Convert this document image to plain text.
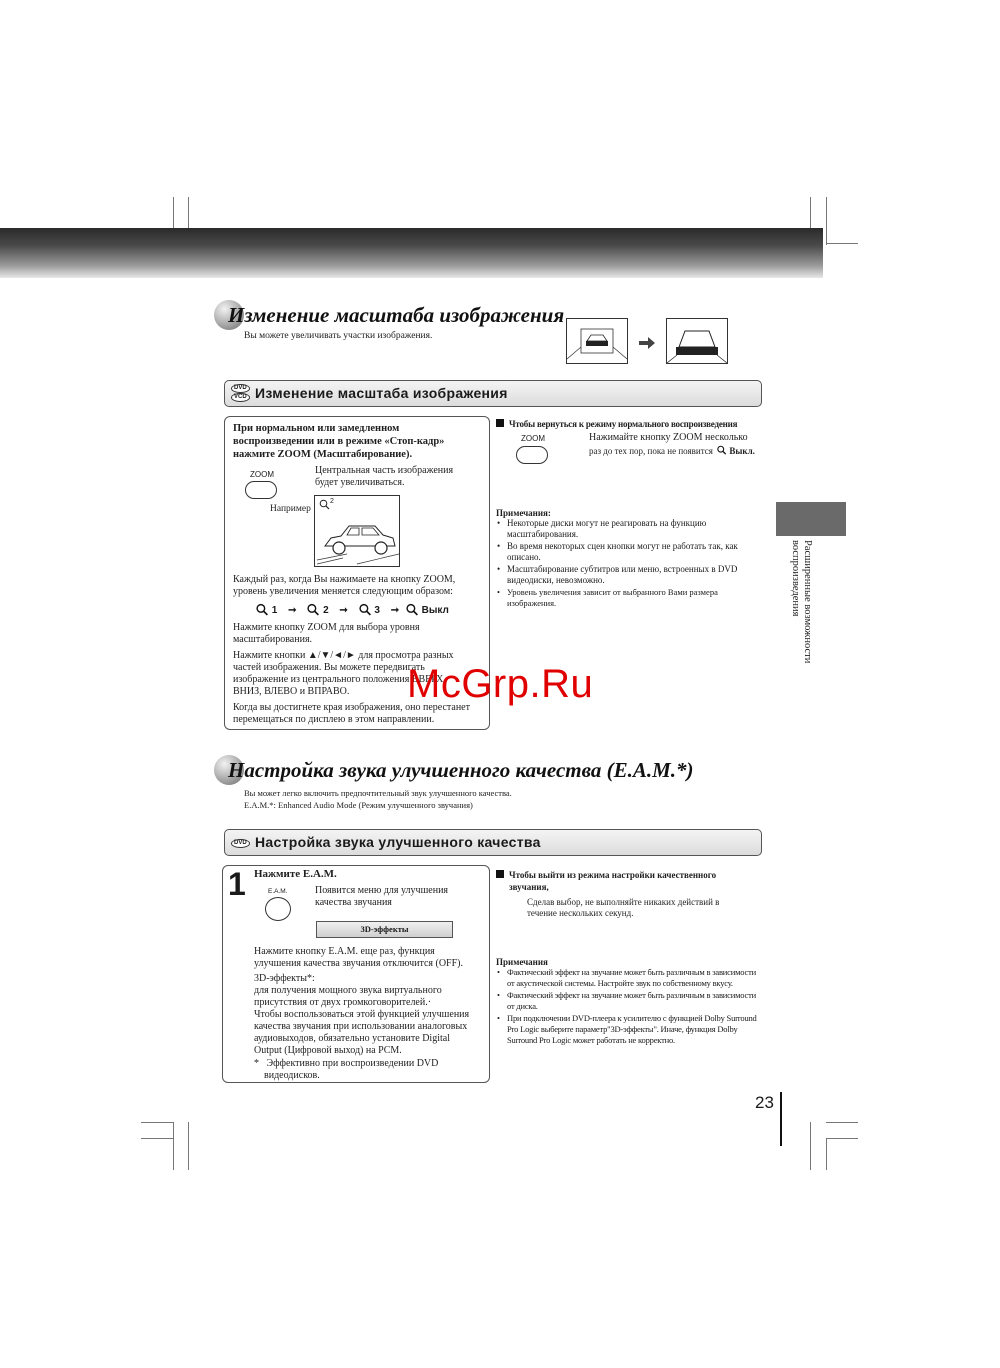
Изменение масштаба изображения
Вы можете увеличивать участки изображения.
DVD
VCD Изменение масштаба изображения
При нормальном или замедленном
воспроизведении или в режиме «Стоп-кадр»
нажмите ZOOM (Масштабирование).
ZOOM	Центральная часть изображения
будет увеличиваться.
Например
2
Каждый раз, когда Вы нажимаете на кнопку ZOOM,
уровень увеличения меняется следующим образом:
1 ➞	2 ➞	3 ➞ Выкл
Нажмите кнопку ZOOM для выбора уровня
масштабирования.
Нажмите кнопки ▲/▼/◄/► для просмотра разных
частей изображения. Вы можете передвигать
изображение из центрального положения ВВЕРХ,
ВНИЗ, ВЛЕВО и ВПРАВО.
Когда вы достигнете края изображения, оно перестанет
перемещаться по дисплею в этом направлении.
Чтобы вернуться к режиму нормального воспроизведения
ZOOM	Нажимайте кнопку ZOOM несколько
раз до тех пор, пока не появится Выкл.
Примечания:
• Некоторые диски могут не реагировать на функцию масштабирования.
• Во время некоторых сцен кнопки могут не работать так, как описано.
• Масштабирование субтитров или меню, встроенных в DVD видеодиски, невозможно.
• Уровень увеличения зависит от выбранного Вами размера изображения.	Расширенные возможности
воспроизведения
McGrp.Ru
Настройка звука улучшенного качества (E.A.M.*)
Вы может легко включить предпочтительный звук улучшенного качества.
E.A.M.*: Enhanced Audio Mode (Режим улучшенного звучания)
DVD Настройка звука улучшенного качества
1 Нажмите E.A.M.
E.A.M.	Появится меню для улучшения
качества звучания
3D-эффекты
Нажмите кнопку E.A.M. еще раз, функция
улучшения качества звучания отключится (OFF).
3D-эффекты*:
для получения мощного звука виртуального
присутствия от двух громкоговорителей.·
Чтобы воспользоваться этой функцией улучшения
качества звучания при использовании аналоговых
аудиовыходов, обязательно установите Digital
Output (Цифровой выход) на PCM.
*   Эффективно при воспроизведении DVD
видеодисков.
Чтобы выйти из режима настройки качественного
звучания,
Сделав выбор, не выполняйте никаких действий в
течение нескольких секунд.
Примечания
• Фактический эффект на звучание может быть различным в зависимости от акустической системы. Настройте звук по собственному вкусу.
• Фактический эффект на звучание может быть различным в зависимости от диска.
• При подключении DVD-плеера к усилителю с функцией Dolby Surround Pro Logic выберите параметр"3D-эффекты". Иначе, функция Dolby Surround Pro Logic может работать не корректно.
23
